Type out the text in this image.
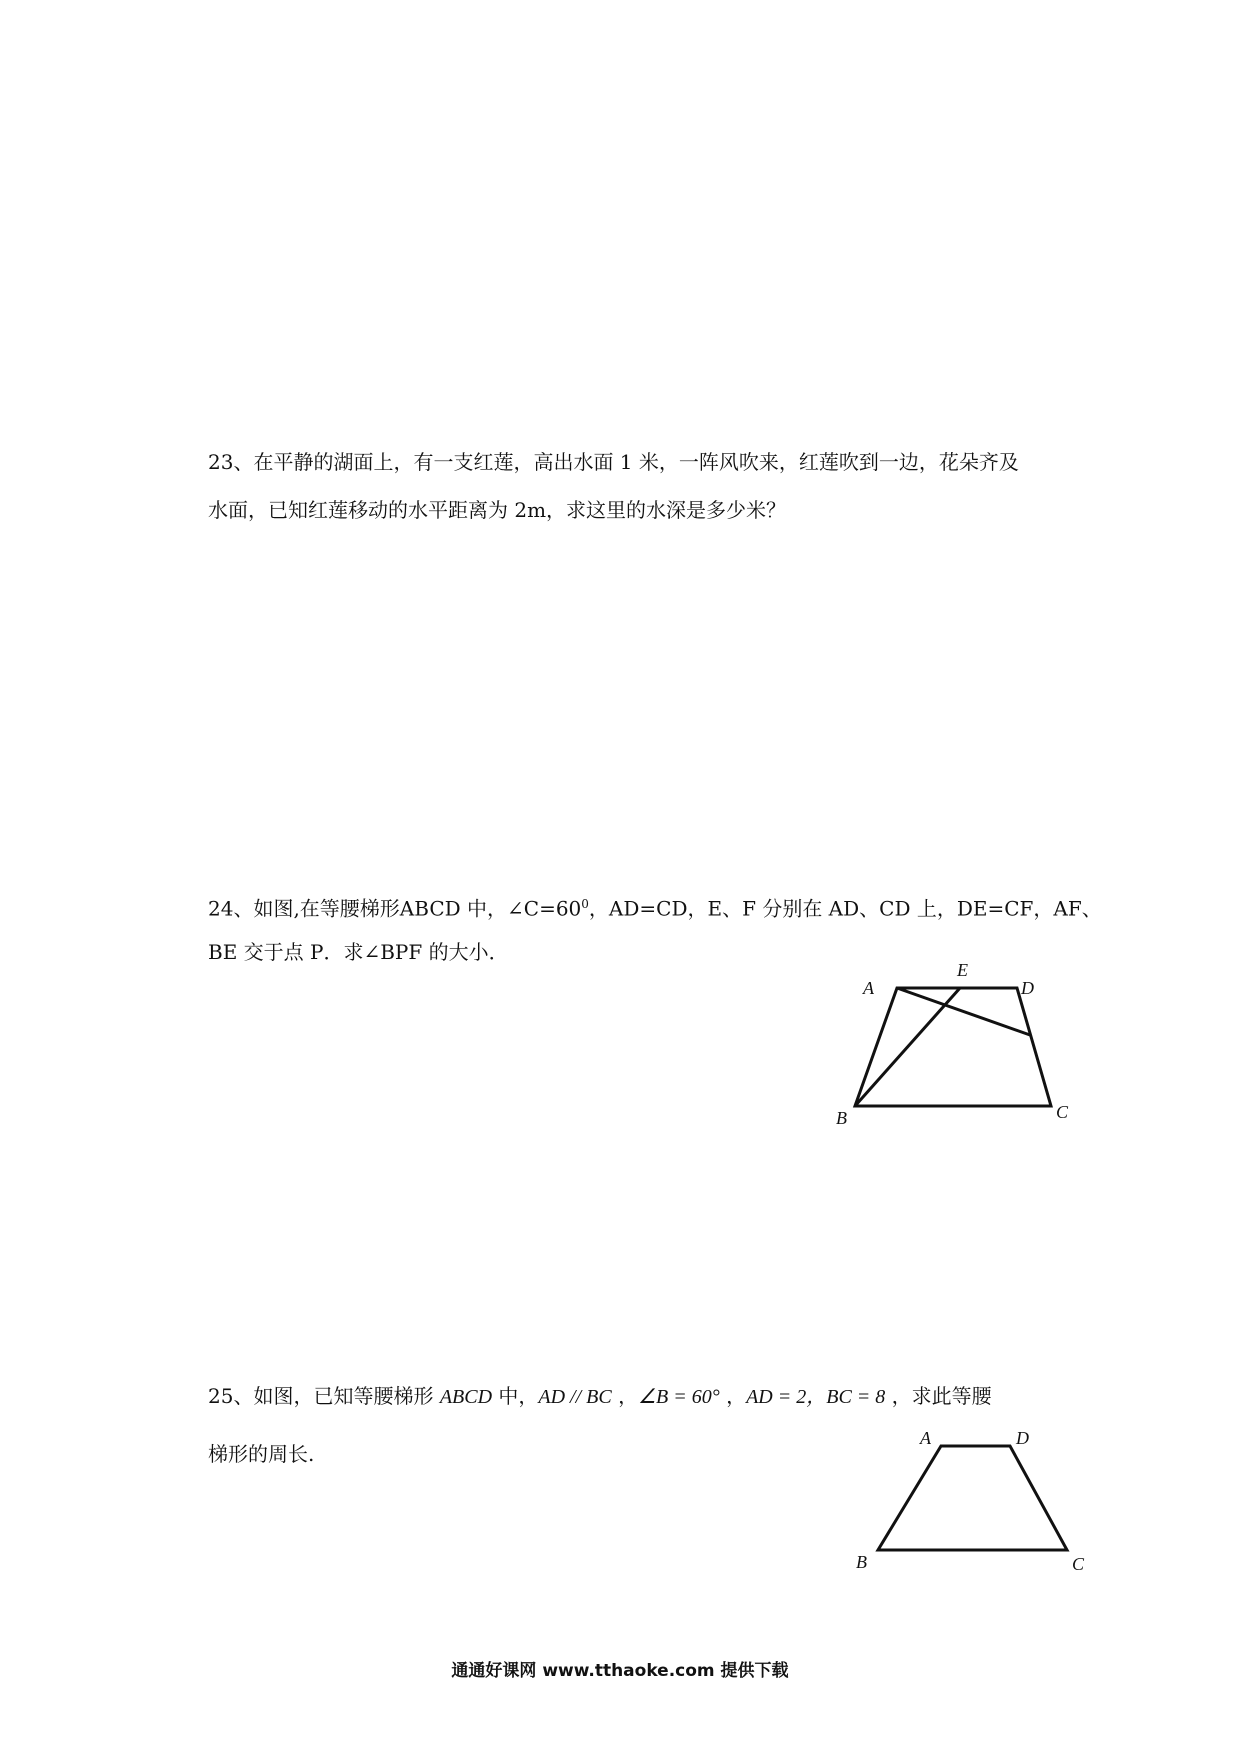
23、在平静的湖面上，有一支红莲，高出水面 1 米，一阵风吹来，红莲吹到一边，花朵齐及
水面，已知红莲移动的水平距离为 2m，求这里的水深是多少米？
24、如图,在等腰梯形ABCD 中，$\angle C=60^0$，AD=CD，E、F 分别在 AD、CD 上，DE=CF，AF、
BE 交于点 P．求∠BPF 的大小．
A
E
D
B	C
25、如图，已知等腰梯形 ABCD 中，AD // BC ，∠B = 60° ，AD = 2，BC = 8 ，求此等腰
梯形的周长.
A	D
B	C
通通好课网 www.tthaoke.com 提供下载
